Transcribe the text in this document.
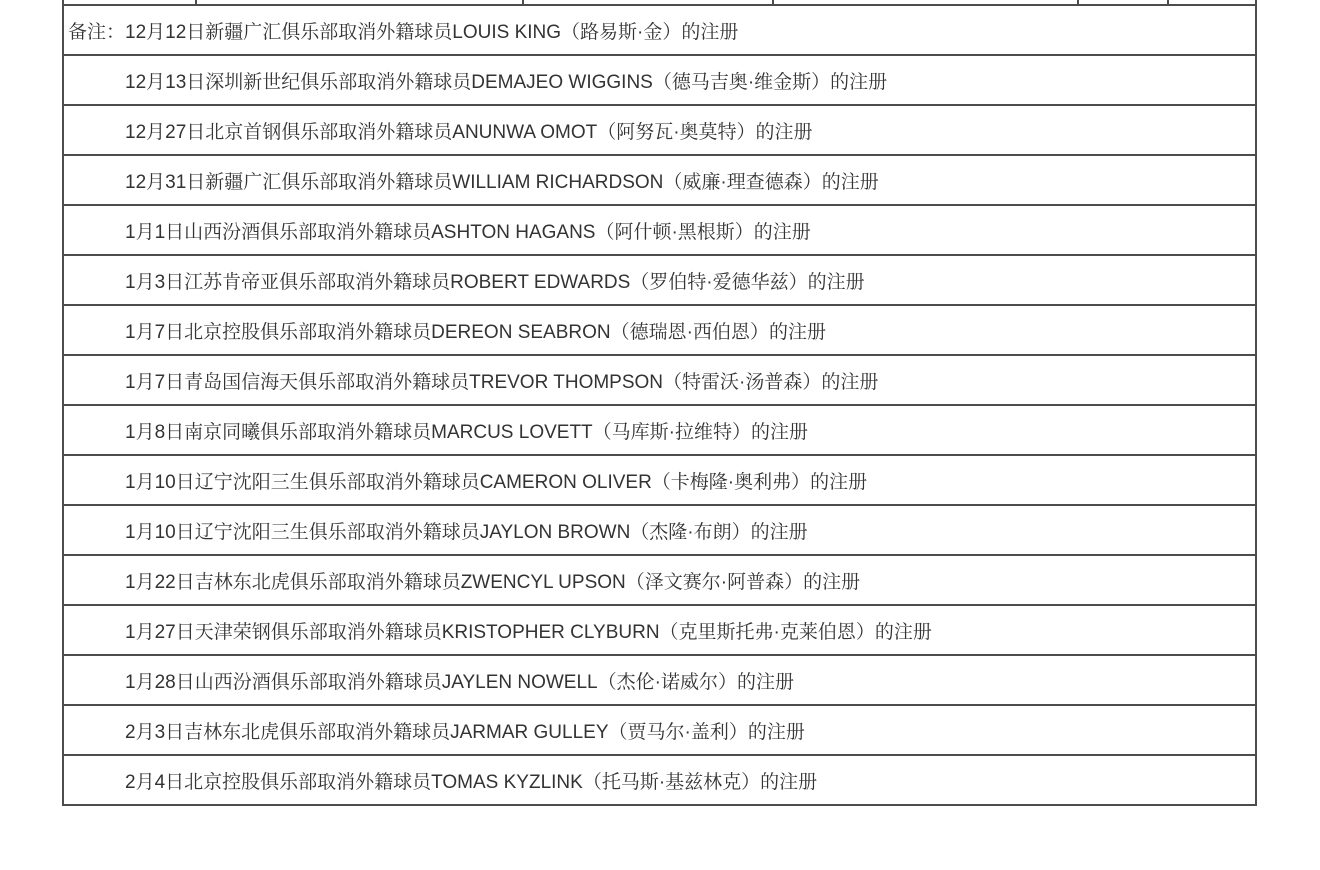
备注： 12月12日新疆广汇俱乐部取消外籍球员LOUIS KING（路易斯·金）的注册
12月13日深圳新世纪俱乐部取消外籍球员DEMAJEO WIGGINS（德马吉奥·维金斯）的注册
12月27日北京首钢俱乐部取消外籍球员ANUNWA OMOT（阿努瓦·奥莫特）的注册
12月31日新疆广汇俱乐部取消外籍球员WILLIAM RICHARDSON（威廉·理查德森）的注册
1月1日山西汾酒俱乐部取消外籍球员ASHTON HAGANS（阿什顿·黑根斯）的注册
1月3日江苏肯帝亚俱乐部取消外籍球员ROBERT EDWARDS（罗伯特·爱德华兹）的注册
1月7日北京控股俱乐部取消外籍球员DEREON SEABRON（德瑞恩·西伯恩）的注册
1月7日青岛国信海天俱乐部取消外籍球员TREVOR THOMPSON（特雷沃·汤普森）的注册
1月8日南京同曦俱乐部取消外籍球员MARCUS LOVETT（马库斯·拉维特）的注册
1月10日辽宁沈阳三生俱乐部取消外籍球员CAMERON OLIVER（卡梅隆·奥利弗）的注册
1月10日辽宁沈阳三生俱乐部取消外籍球员JAYLON BROWN（杰隆·布朗）的注册
1月22日吉林东北虎俱乐部取消外籍球员ZWENCYL UPSON（泽文赛尔·阿普森）的注册
1月27日天津荣钢俱乐部取消外籍球员KRISTOPHER CLYBURN（克里斯托弗·克莱伯恩）的注册
1月28日山西汾酒俱乐部取消外籍球员JAYLEN NOWELL（杰伦·诺威尔）的注册
2月3日吉林东北虎俱乐部取消外籍球员JARMAR GULLEY（贾马尔·盖利）的注册
2月4日北京控股俱乐部取消外籍球员TOMAS KYZLINK（托马斯·基兹林克）的注册
